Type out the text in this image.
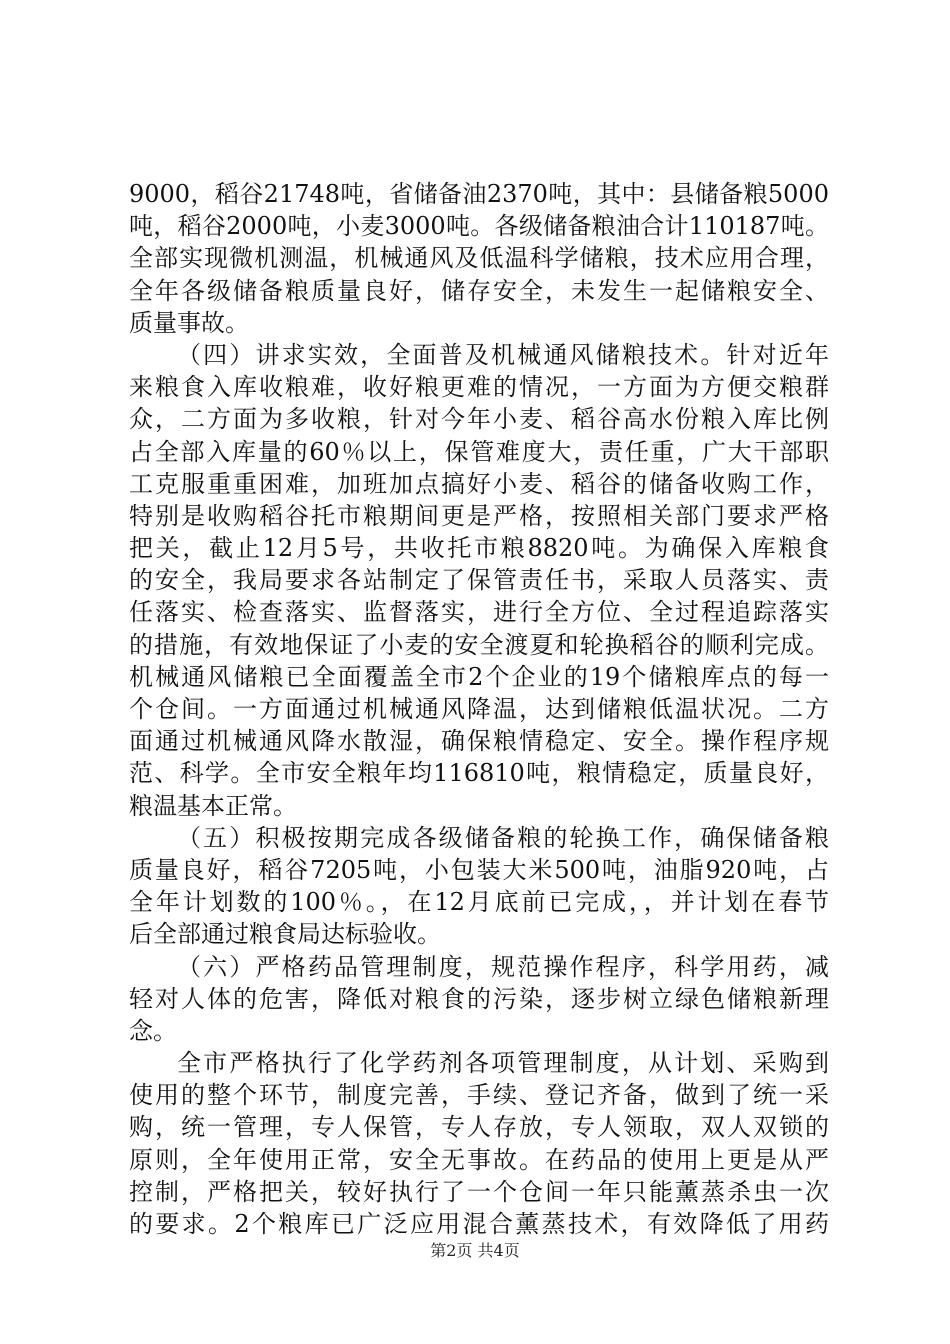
9000，稻谷21748吨，省储备油2370吨，其中：县储备粮5000
吨，稻谷2000吨，小麦3000吨。各级储备粮油合计110187吨。
全部实现微机测温，机械通风及低温科学储粮，技术应用合理，
全年各级储备粮质量良好，储存安全，未发生一起储粮安全、
质量事故。
（四）讲求实效，全面普及机械通风储粮技术。针对近年
来粮食入库收粮难，收好粮更难的情况，一方面为方便交粮群
众，二方面为多收粮，针对今年小麦、稻谷高水份粮入库比例
占全部入库量的60％以上，保管难度大，责任重，广大干部职
工克服重重困难，加班加点搞好小麦、稻谷的储备收购工作，
特别是收购稻谷托市粮期间更是严格，按照相关部门要求严格
把关，截止12月5号，共收托市粮8820吨。为确保入库粮食
的安全，我局要求各站制定了保管责任书，采取人员落实、责
任落实、检查落实、监督落实，进行全方位、全过程追踪落实
的措施，有效地保证了小麦的安全渡夏和轮换稻谷的顺利完成。
机械通风储粮已全面覆盖全市2个企业的19个储粮库点的每一
个仓间。一方面通过机械通风降温，达到储粮低温状况。二方
面通过机械通风降水散湿，确保粮情稳定、安全。操作程序规
范、科学。全市安全粮年均116810吨，粮情稳定，质量良好，
粮温基本正常。
（五）积极按期完成各级储备粮的轮换工作，确保储备粮
质量良好，稻谷7205吨，小包装大米500吨，油脂920吨，占
全年计划数的100％。，在12月底前已完成，，并计划在春节
后全部通过粮食局达标验收。
（六）严格药品管理制度，规范操作程序，科学用药，减
轻对人体的危害，降低对粮食的污染，逐步树立绿色储粮新理
念。
全市严格执行了化学药剂各项管理制度，从计划、采购到
使用的整个环节，制度完善，手续、登记齐备，做到了统一采
购，统一管理，专人保管，专人存放，专人领取，双人双锁的
原则，全年使用正常，安全无事故。在药品的使用上更是从严
控制，严格把关，较好执行了一个仓间一年只能薰蒸杀虫一次
的要求。2个粮库已广泛应用混合薰蒸技术，有效降低了用药
第2页 共4页
